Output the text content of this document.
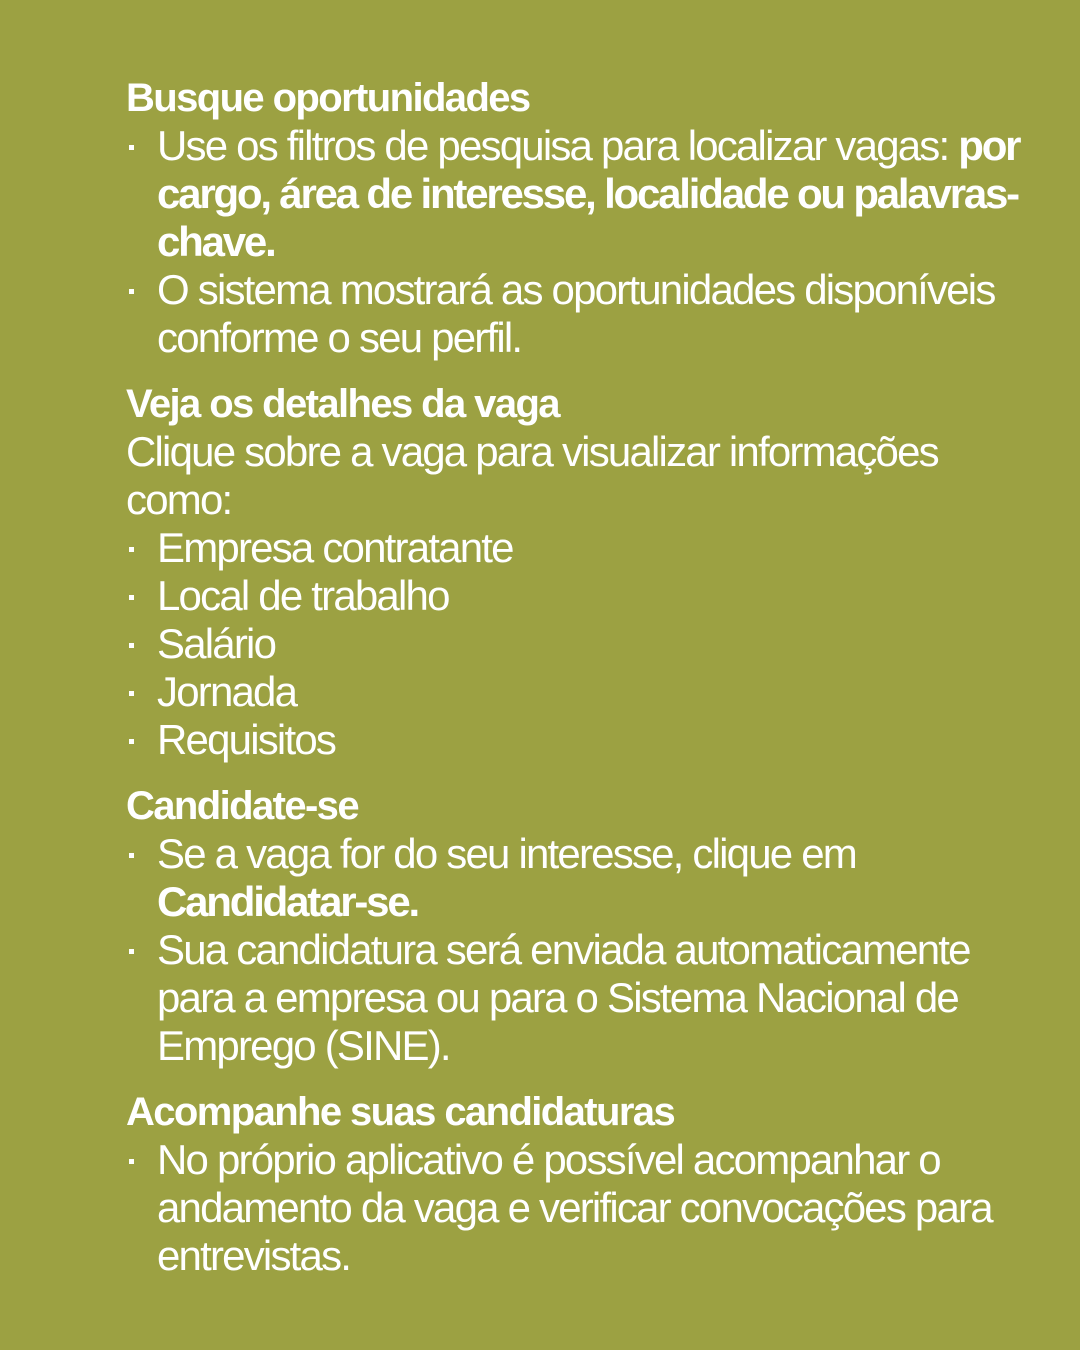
Busque oportunidades
Use os filtros de pesquisa para localizar vagas: por cargo, área de interesse, localidade ou palavras-chave.
O sistema mostrará as oportunidades disponíveis conforme o seu perfil.
Veja os detalhes da vaga

Clique sobre a vaga para visualizar informações como:

Empresa contratante
Local de trabalho
Salário
Jornada
Requisitos
Candidate-se
Se a vaga for do seu interesse, clique em Candidatar-se.
Sua candidatura será enviada automaticamente para a empresa ou para o Sistema Nacional de Emprego (SINE).
Acompanhe suas candidaturas
No próprio aplicativo é possível acompanhar o andamento da vaga e verificar convocações para entrevistas.
